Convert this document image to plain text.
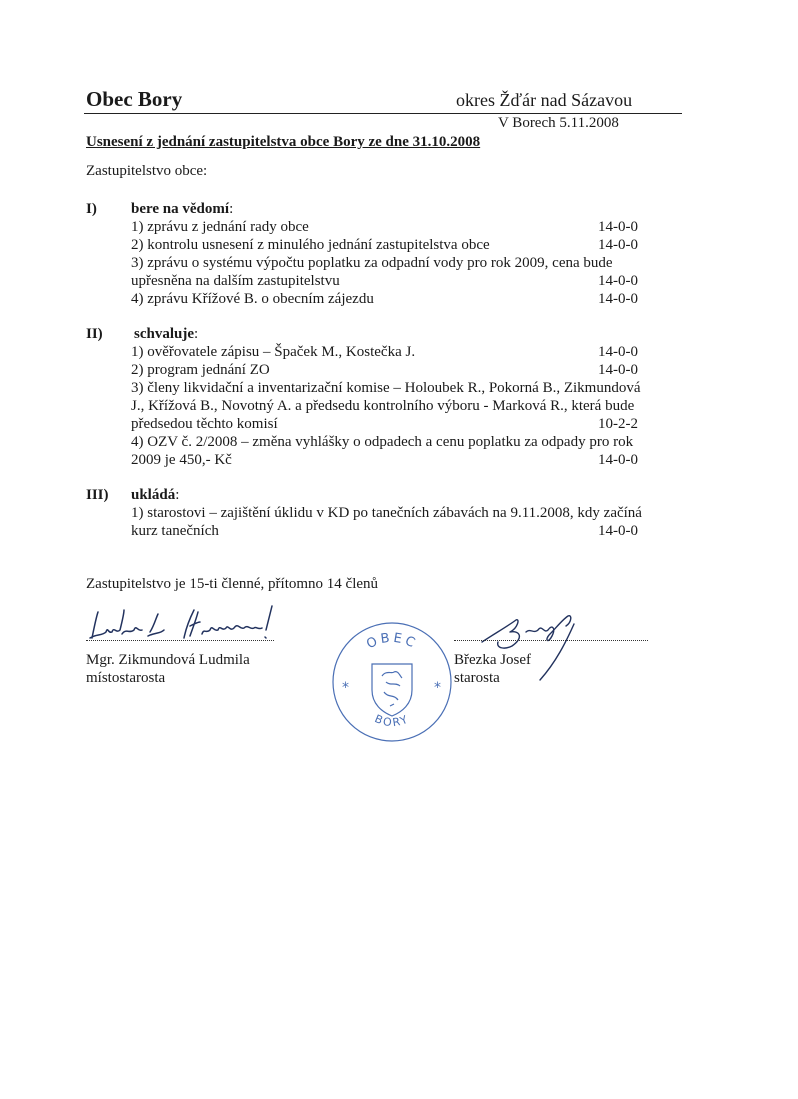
Obec Bory	okres Žďár nad Sázavou
V Borech 5.11.2008
Usnesení z jednání zastupitelstva obce Bory ze dne 31.10.2008
Zastupitelstvo obce:
I) bere na vědomí:
1) zprávu z jednání rady obce	14-0-0
2) kontrolu usnesení z minulého jednání zastupitelstva obce	14-0-0
3) zprávu o systému výpočtu poplatku za odpadní vody pro rok 2009, cena bude
upřesněna na dalším zastupitelstvu	14-0-0
4) zprávu Křížové B. o obecním zájezdu	14-0-0
II) schvaluje:
1) ověřovatele zápisu – Špaček M., Kostečka J.	14-0-0
2) program jednání ZO	14-0-0
3) členy likvidační a inventarizační komise – Holoubek R., Pokorná B., Zikmundová
J., Křížová B., Novotný A. a předsedu kontrolního výboru - Marková R., která bude
předsedou těchto komisí	10-2-2
4) OZV č. 2/2008 – změna vyhlášky o odpadech a cenu poplatku za odpady pro rok
2009 je 450,- Kč	14-0-0
III) ukládá:
1) starostovi – zajištění úklidu v KD po tanečních zábavách na 9.11.2008, kdy začíná
kurz tanečních	14-0-0
Zastupitelstvo je 15-ti členné, přítomno 14 členů
Mgr. Zikmundová Ludmila
místostarosta
OBEC
BORY
*	*
Březka Josef
starosta
